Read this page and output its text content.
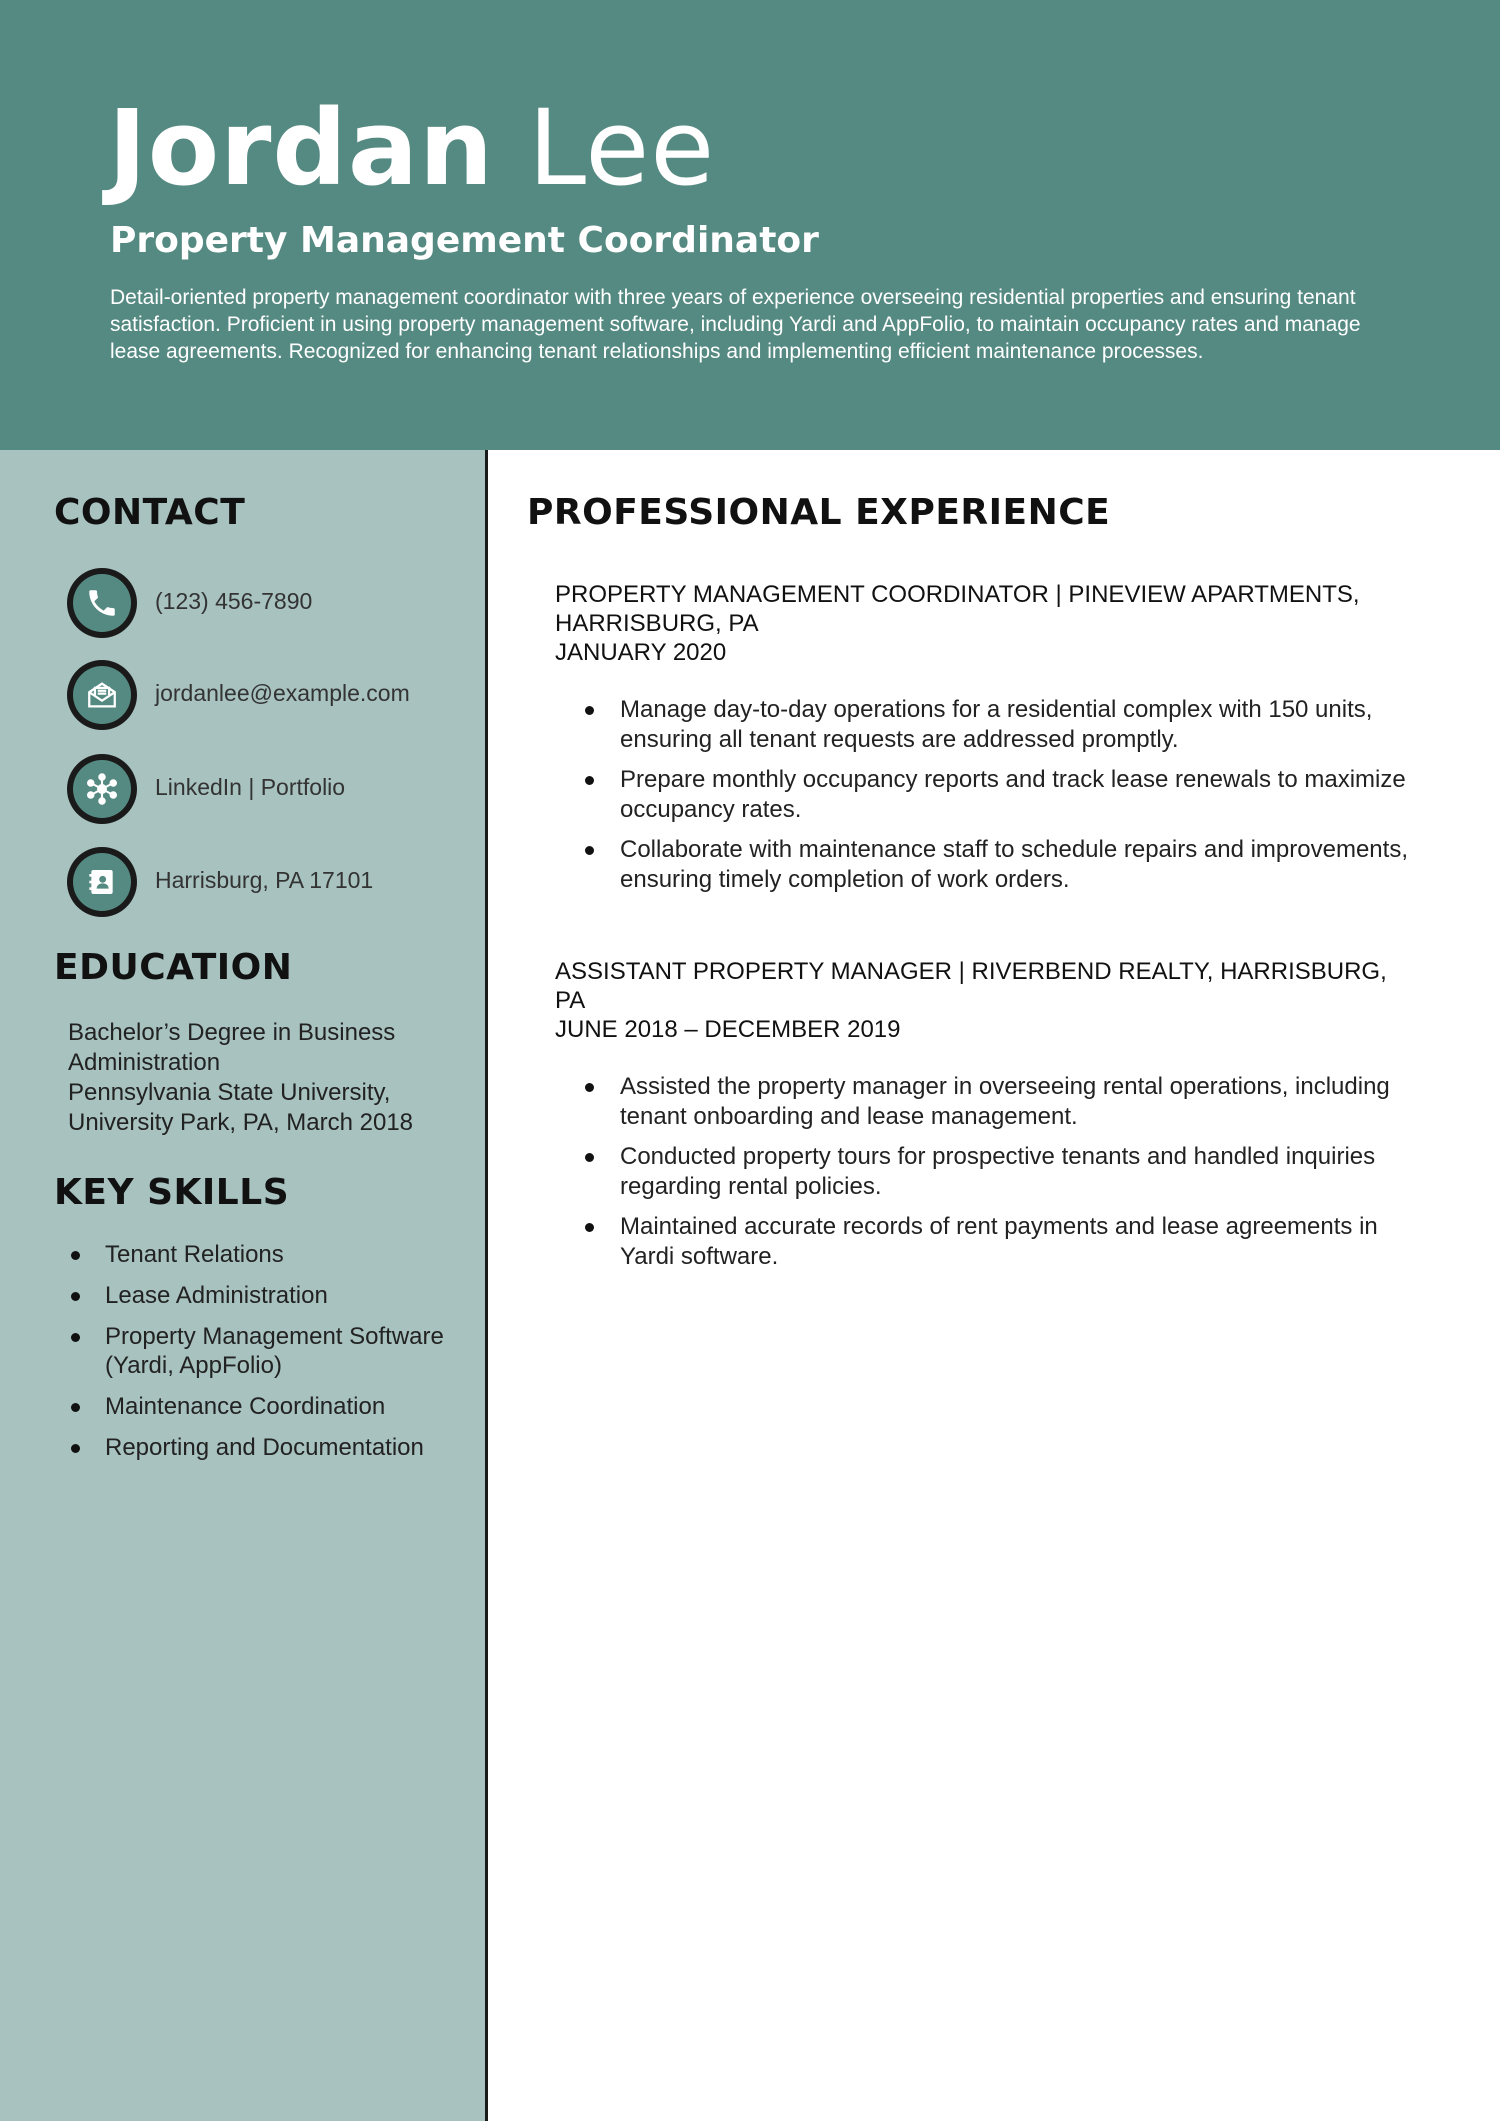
Jordan Lee
Property Management Coordinator
Detail-oriented property management coordinator with three years of experience overseeing residential properties and ensuring tenant satisfaction. Proficient in using property management software, including Yardi and AppFolio, to maintain occupancy rates and manage lease agreements. Recognized for enhancing tenant relationships and implementing efficient maintenance processes.
CONTACT
(123) 456-7890
jordanlee@example.com
LinkedIn | Portfolio
Harrisburg, PA 17101
EDUCATION
Bachelor’s Degree in Business Administration
Pennsylvania State University, University Park, PA, March 2018
KEY SKILLS
Tenant Relations
Lease Administration
Property Management Software (Yardi, AppFolio)
Maintenance Coordination
Reporting and Documentation
PROFESSIONAL EXPERIENCE
PROPERTY MANAGEMENT COORDINATOR | PINEVIEW APARTMENTS, HARRISBURG, PA
JANUARY 2020
Manage day-to-day operations for a residential complex with 150 units, ensuring all tenant requests are addressed promptly.
Prepare monthly occupancy reports and track lease renewals to maximize occupancy rates.
Collaborate with maintenance staff to schedule repairs and improvements, ensuring timely completion of work orders.
ASSISTANT PROPERTY MANAGER | RIVERBEND REALTY, HARRISBURG, PA
JUNE 2018 – DECEMBER 2019
Assisted the property manager in overseeing rental operations, including tenant onboarding and lease management.
Conducted property tours for prospective tenants and handled inquiries regarding rental policies.
Maintained accurate records of rent payments and lease agreements in Yardi software.
